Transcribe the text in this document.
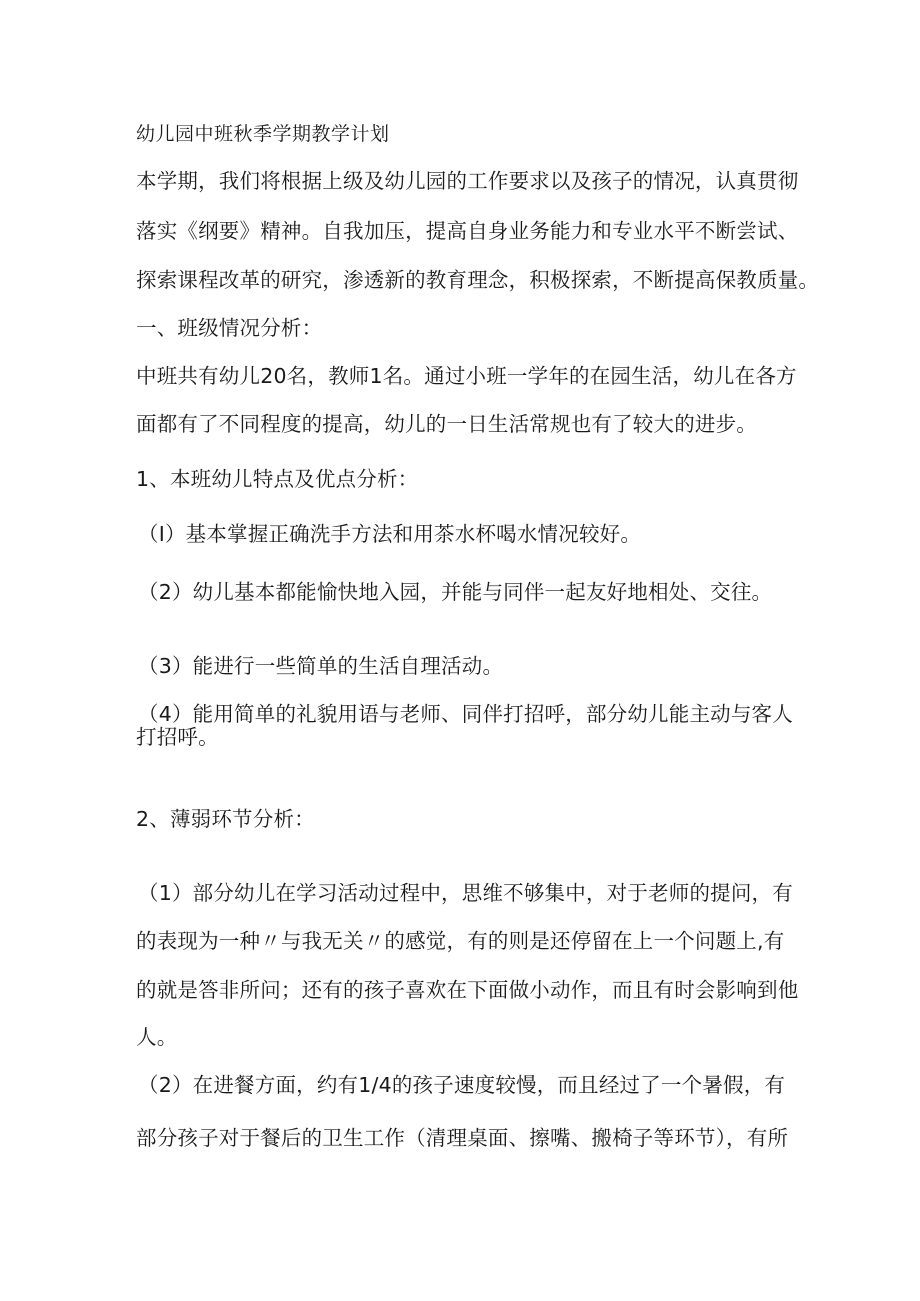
幼儿园中班秋季学期教学计划
本学期，我们将根据上级及幼儿园的工作要求以及孩子的情况，认真贯彻
落实《纲要》精神。自我加压，提高自身业务能力和专业水平不断尝试、
探索课程改革的研究，渗透新的教育理念，积极探索，不断提高保教质量。
一、班级情况分析：
中班共有幼儿20名，教师1名。通过小班一学年的在园生活，幼儿在各方
面都有了不同程度的提高，幼儿的一日生活常规也有了较大的进步。
1、本班幼儿特点及优点分析：
（I）基本掌握正确洗手方法和用茶水杯喝水情况较好。
（2）幼儿基本都能愉快地入园，并能与同伴一起友好地相处、交往。
（3）能进行一些简单的生活自理活动。
（4）能用简单的礼貌用语与老师、同伴打招呼，部分幼儿能主动与客人
打招呼。
2、薄弱环节分析：
（1）部分幼儿在学习活动过程中，思维不够集中，对于老师的提问，有
的表现为一种〃与我无关〃的感觉，有的则是还停留在上一个问题上,有
的就是答非所问；还有的孩子喜欢在下面做小动作，而且有时会影响到他
人。
（2）在进餐方面，约有1/4的孩子速度较慢，而且经过了一个暑假，有
部分孩子对于餐后的卫生工作（清理桌面、擦嘴、搬椅子等环节），有所
